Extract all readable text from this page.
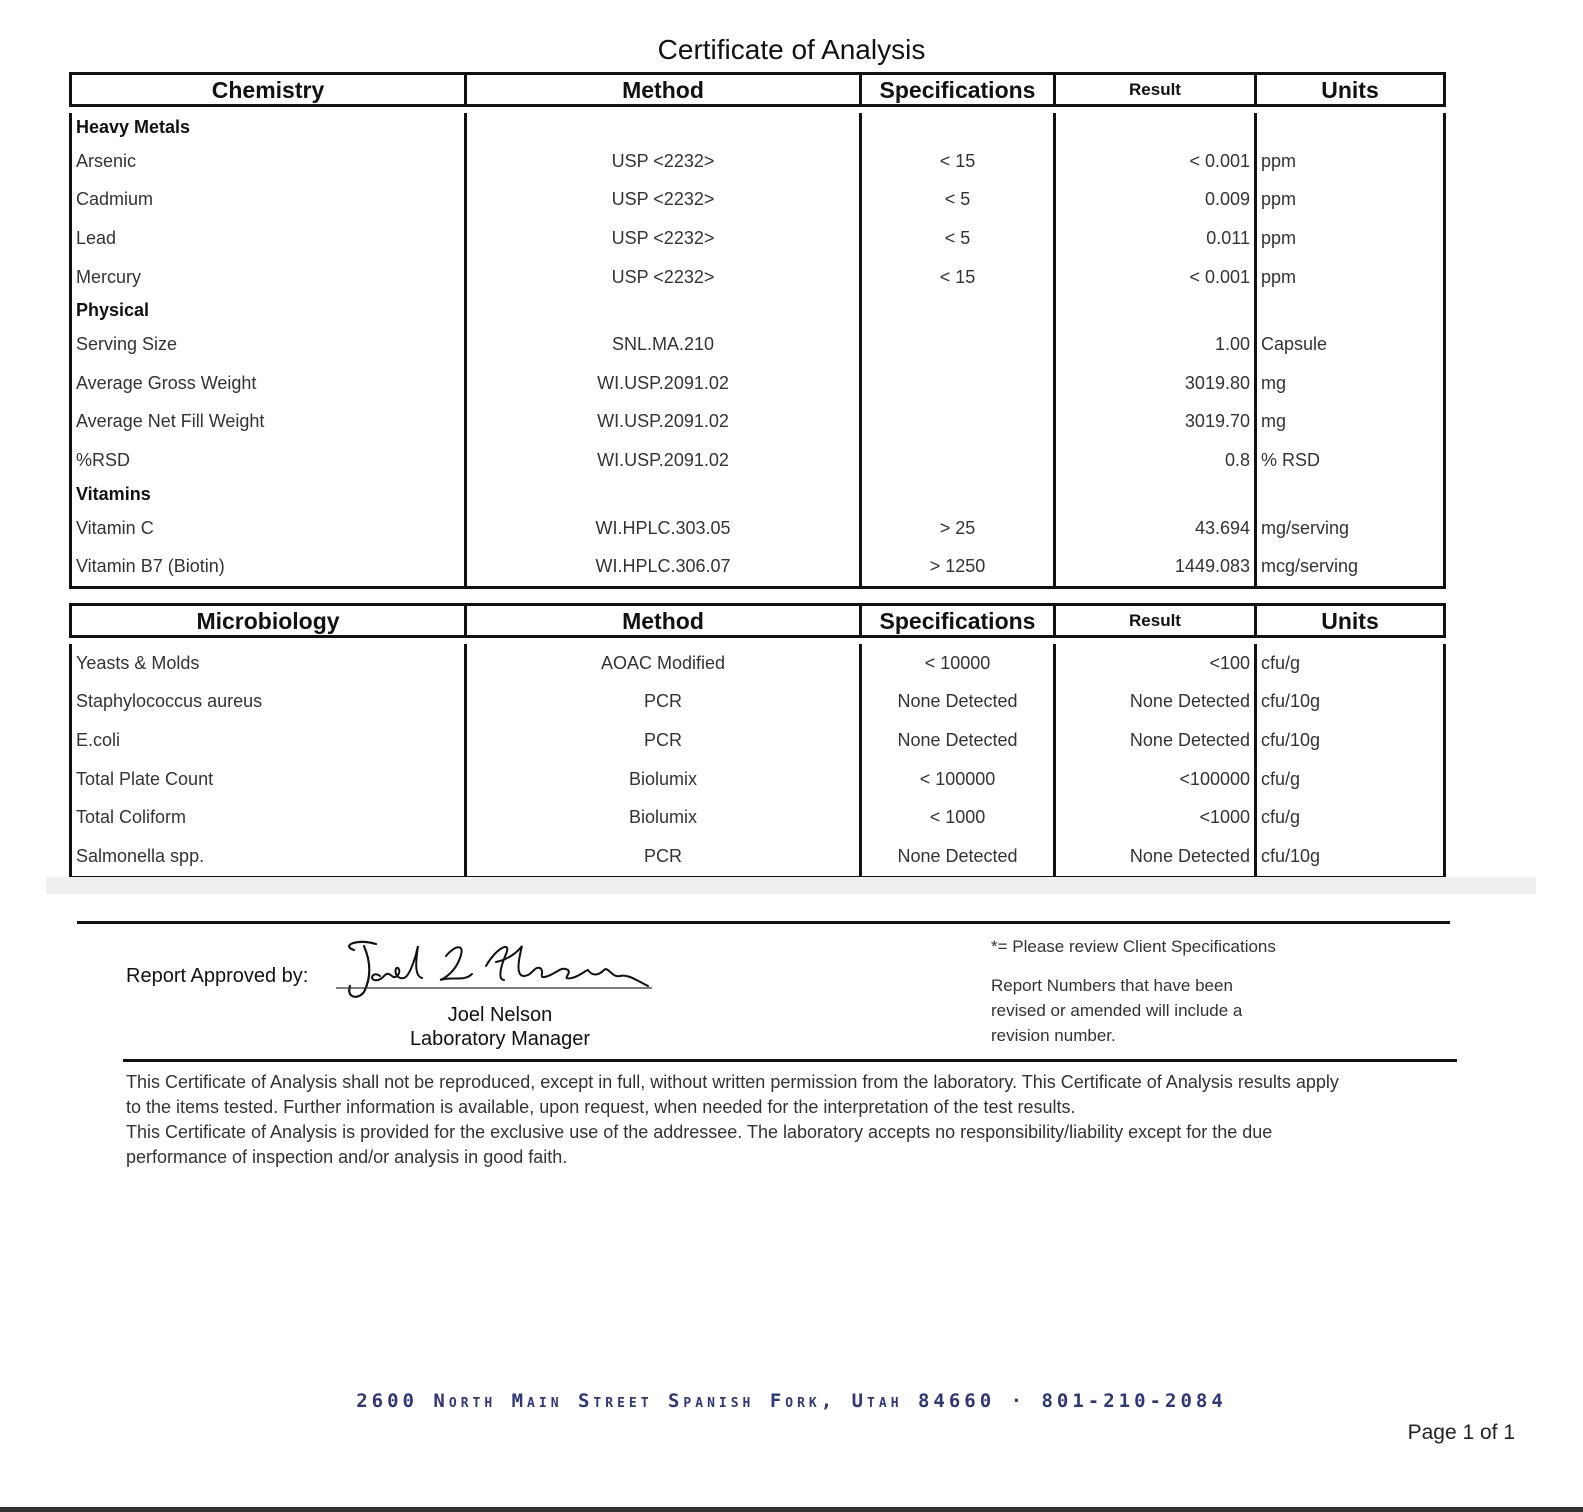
Certificate of Analysis
Chemistry	Method	Specifications	Result	Units

Heavy Metals				
Arsenic	USP <2232>	< 15	< 0.001	ppm
Cadmium	USP <2232>	< 5	0.009	ppm
Lead	USP <2232>	< 5	0.011	ppm
Mercury	USP <2232>	< 15	< 0.001	ppm
Physical				
Serving Size	SNL.MA.210		1.00	Capsule
Average Gross Weight	WI.USP.2091.02		3019.80	mg
Average Net Fill Weight	WI.USP.2091.02		3019.70	mg
%RSD	WI.USP.2091.02		0.8	% RSD
Vitamins				
Vitamin C	WI.HPLC.303.05	> 25	43.694	mg/serving
Vitamin B7 (Biotin)	WI.HPLC.306.07	> 1250	1449.083	mcg/serving
Microbiology	Method	Specifications	Result	Units

Yeasts & Molds	AOAC Modified	< 10000	<100	cfu/g
Staphylococcus aureus	PCR	None Detected	None Detected	cfu/10g
E.coli	PCR	None Detected	None Detected	cfu/10g
Total Plate Count	Biolumix	< 100000	<100000	cfu/g
Total Coliform	Biolumix	< 1000	<1000	cfu/g
Salmonella spp.	PCR	None Detected	None Detected	cfu/10g
Report Approved by:
Joel Nelson
Laboratory Manager

*= Please review Client Specifications

Report Numbers that have been

revised or amended will include a

revision number.

This Certificate of Analysis shall not be reproduced, except in full, without written permission from the laboratory. This Certificate of Analysis results apply

to the items tested. Further information is available, upon request, when needed for the interpretation of the test results.

This Certificate of Analysis is provided for the exclusive use of the addressee. The laboratory accepts no responsibility/liability except for the due

performance of inspection and/or analysis in good faith.

2600 North Main Street Spanish Fork, Utah 84660 · 801-210-2084
Page 1 of 1
